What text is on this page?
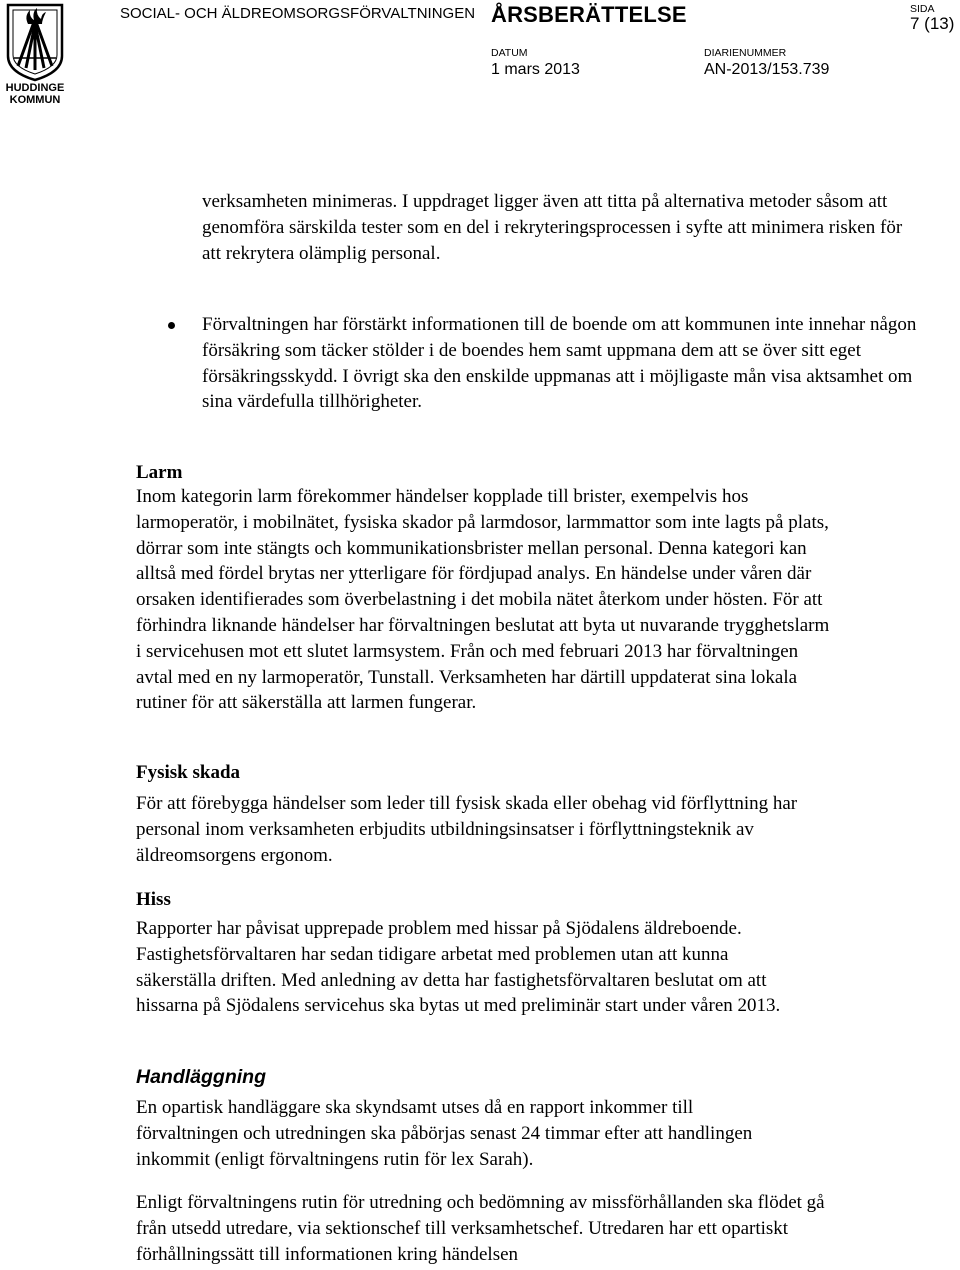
HUDDINGE
KOMMUN
SOCIAL- OCH ÄLDREOMSORGSFÖRVALTNINGEN ÅRSBERÄTTELSE	SIDA
7 (13)
DATUM
1 mars 2013
DIARIENUMMER
AN-2013/153.739

verksamheten minimeras. I uppdraget ligger även att titta på alternativa metoder såsom att genomföra särskilda tester som en del i rekryteringsprocessen i syfte att minimera risken för att rekrytera olämplig personal.

Förvaltningen har förstärkt informationen till de boende om att kommunen inte innehar någon försäkring som täcker stölder i de boendes hem samt uppmana dem att se över sitt eget försäkringsskydd. I övrigt ska den enskilde uppmanas att i möjligaste mån visa aktsamhet om sina värdefulla tillhörigheter.

Larm

Inom kategorin larm förekommer händelser kopplade till brister, exempelvis hos larmoperatör, i mobilnätet, fysiska skador på larmdosor, larmmattor som inte lagts på plats, dörrar som inte stängts och kommunikationsbrister mellan personal. Denna kategori kan alltså med fördel brytas ner ytterligare för fördjupad analys. En händelse under våren där orsaken identifierades som överbelastning i det mobila nätet återkom under hösten. För att förhindra liknande händelser har förvaltningen beslutat att byta ut nuvarande trygghetslarm i servicehusen mot ett slutet larmsystem. Från och med februari 2013 har förvaltningen avtal med en ny larmoperatör, Tunstall. Verksamheten har därtill uppdaterat sina lokala rutiner för att säkerställa att larmen fungerar.

Fysisk skada

För att förebygga händelser som leder till fysisk skada eller obehag vid förflyttning har personal inom verksamheten erbjudits utbildningsinsatser i förflyttningsteknik av äldreomsorgens ergonom.

Hiss

Rapporter har påvisat upprepade problem med hissar på Sjödalens äldreboende. Fastighetsförvaltaren har sedan tidigare arbetat med problemen utan att kunna säkerställa driften. Med anledning av detta har fastighetsförvaltaren beslutat om att hissarna på Sjödalens servicehus ska bytas ut med preliminär start under våren 2013.

Handläggning

En opartisk handläggare ska skyndsamt utses då en rapport inkommer till förvaltningen och utredningen ska påbörjas senast 24 timmar efter att handlingen inkommit (enligt förvaltningens rutin för lex Sarah).

Enligt förvaltningens rutin för utredning och bedömning av missförhållanden ska flödet gå från utsedd utredare, via sektionschef till verksamhetschef. Utredaren har ett opartiskt förhållningssätt till informationen kring händelsen
